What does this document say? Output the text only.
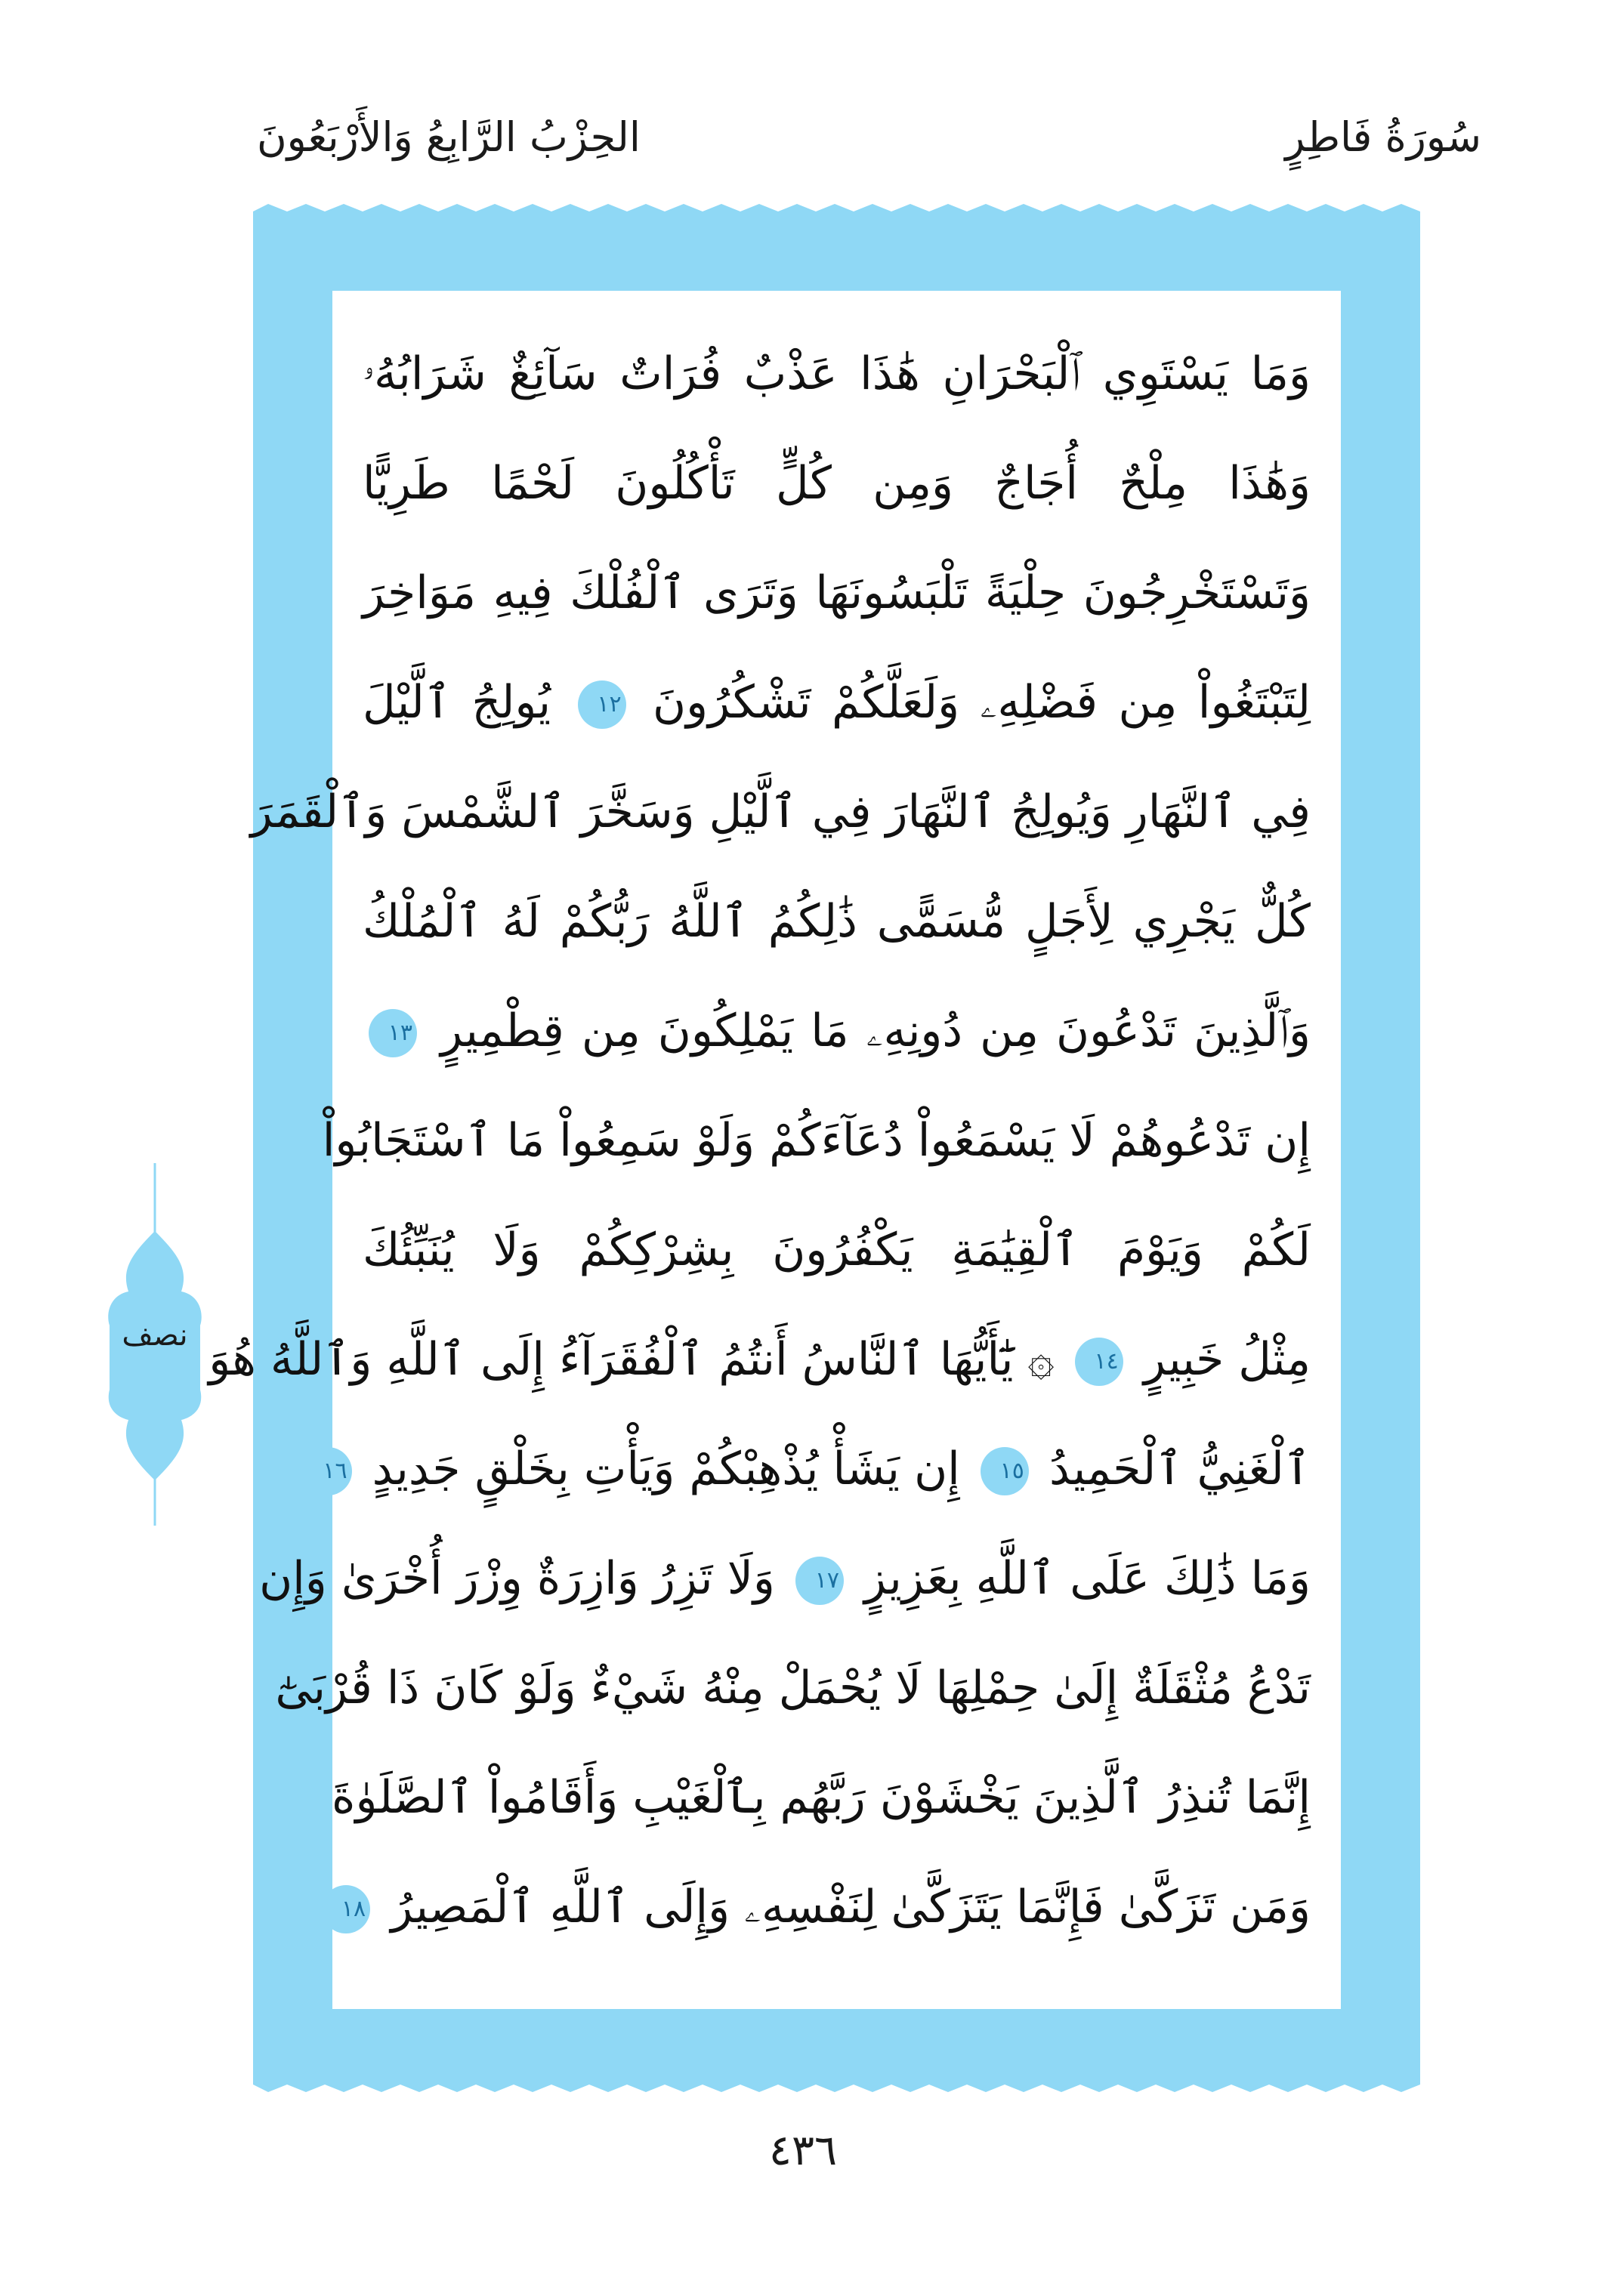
سُورَةُ فَاطِرٍ
الحِزْبُ الرَّابِعُ وَالأَرْبَعُونَ
وَمَا يَسْتَوِي ٱلْبَحْرَانِ هَٰذَا عَذْبٌ فُرَاتٌ سَآئِغٌ شَرَابُهُۥ
وَهَٰذَا مِلْحٌ أُجَاجٌ وَمِن كُلٍّ تَأْكُلُونَ لَحْمًا طَرِيًّا
وَتَسْتَخْرِجُونَ حِلْيَةً تَلْبَسُونَهَا وَتَرَى ٱلْفُلْكَ فِيهِ مَوَاخِرَ
لِتَبْتَغُواْ مِن فَضْلِهِۦ وَلَعَلَّكُمْ تَشْكُرُونَ ١٢ يُولِجُ ٱلَّيْلَ
فِي ٱلنَّهَارِ وَيُولِجُ ٱلنَّهَارَ فِي ٱلَّيْلِ وَسَخَّرَ ٱلشَّمْسَ وَٱلْقَمَرَ
كُلٌّ يَجْرِي لِأَجَلٍ مُّسَمًّى ذَٰلِكُمُ ٱللَّهُ رَبُّكُمْ لَهُ ٱلْمُلْكُ
وَٱلَّذِينَ تَدْعُونَ مِن دُونِهِۦ مَا يَمْلِكُونَ مِن قِطْمِيرٍ ١٣
إِن تَدْعُوهُمْ لَا يَسْمَعُواْ دُعَآءَكُمْ وَلَوْ سَمِعُواْ مَا ٱسْتَجَابُواْ
لَكُمْ وَيَوْمَ ٱلْقِيَٰمَةِ يَكْفُرُونَ بِشِرْكِكُمْ وَلَا يُنَبِّئُكَ
مِثْلُ خَبِيرٍ ١٤ ۞ يَٰٓأَيُّهَا ٱلنَّاسُ أَنتُمُ ٱلْفُقَرَآءُ إِلَى ٱللَّهِ وَٱللَّهُ هُوَ
ٱلْغَنِيُّ ٱلْحَمِيدُ ١٥ إِن يَشَأْ يُذْهِبْكُمْ وَيَأْتِ بِخَلْقٍ جَدِيدٍ ١٦
وَمَا ذَٰلِكَ عَلَى ٱللَّهِ بِعَزِيزٍ ١٧ وَلَا تَزِرُ وَازِرَةٌ وِزْرَ أُخْرَىٰ وَإِن
تَدْعُ مُثْقَلَةٌ إِلَىٰ حِمْلِهَا لَا يُحْمَلْ مِنْهُ شَيْءٌ وَلَوْ كَانَ ذَا قُرْبَىٰٓ
إِنَّمَا تُنذِرُ ٱلَّذِينَ يَخْشَوْنَ رَبَّهُم بِٱلْغَيْبِ وَأَقَامُواْ ٱلصَّلَوٰةَ
وَمَن تَزَكَّىٰ فَإِنَّمَا يَتَزَكَّىٰ لِنَفْسِهِۦ وَإِلَى ٱللَّهِ ٱلْمَصِيرُ ١٨
نصف
٤٣٦
